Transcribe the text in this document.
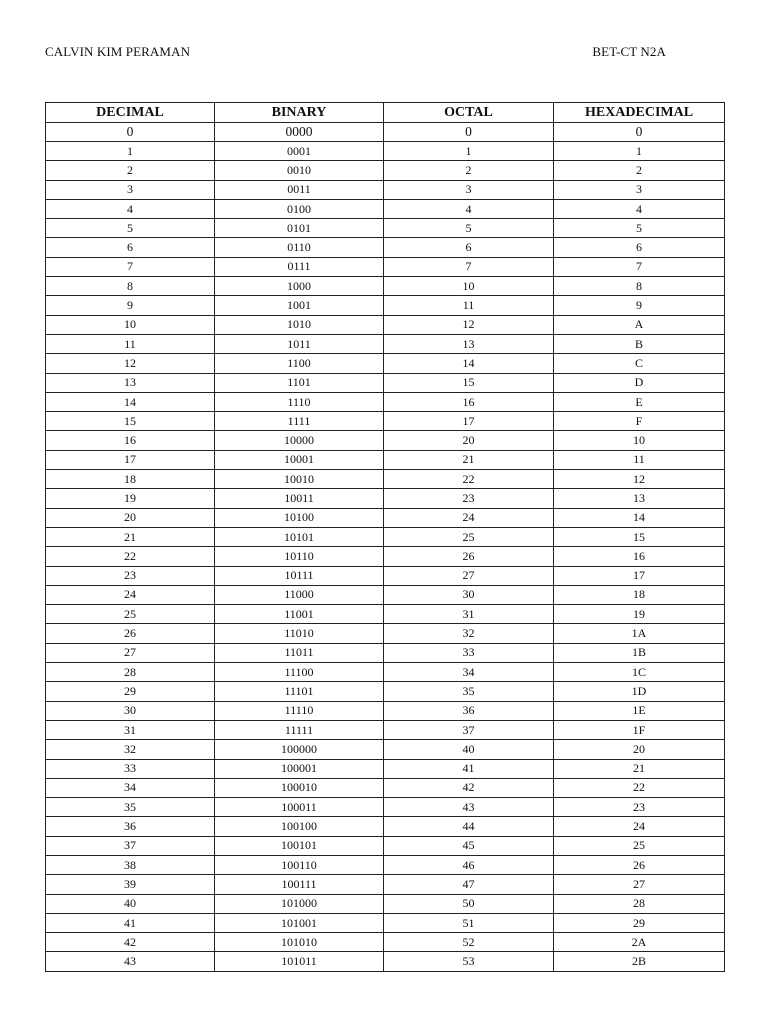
CALVIN KIM PERAMAN	BET-CT N2A
DECIMAL	BINARY	OCTAL	HEXADECIMAL
0	0000	0	0
1	0001	1	1
2	0010	2	2
3	0011	3	3
4	0100	4	4
5	0101	5	5
6	0110	6	6
7	0111	7	7
8	1000	10	8
9	1001	11	9
10	1010	12	A
11	1011	13	B
12	1100	14	C
13	1101	15	D
14	1110	16	E
15	1111	17	F
16	10000	20	10
17	10001	21	11
18	10010	22	12
19	10011	23	13
20	10100	24	14
21	10101	25	15
22	10110	26	16
23	10111	27	17
24	11000	30	18
25	11001	31	19
26	11010	32	1A
27	11011	33	1B
28	11100	34	1C
29	11101	35	1D
30	11110	36	1E
31	11111	37	1F
32	100000	40	20
33	100001	41	21
34	100010	42	22
35	100011	43	23
36	100100	44	24
37	100101	45	25
38	100110	46	26
39	100111	47	27
40	101000	50	28
41	101001	51	29
42	101010	52	2A
43	101011	53	2B
